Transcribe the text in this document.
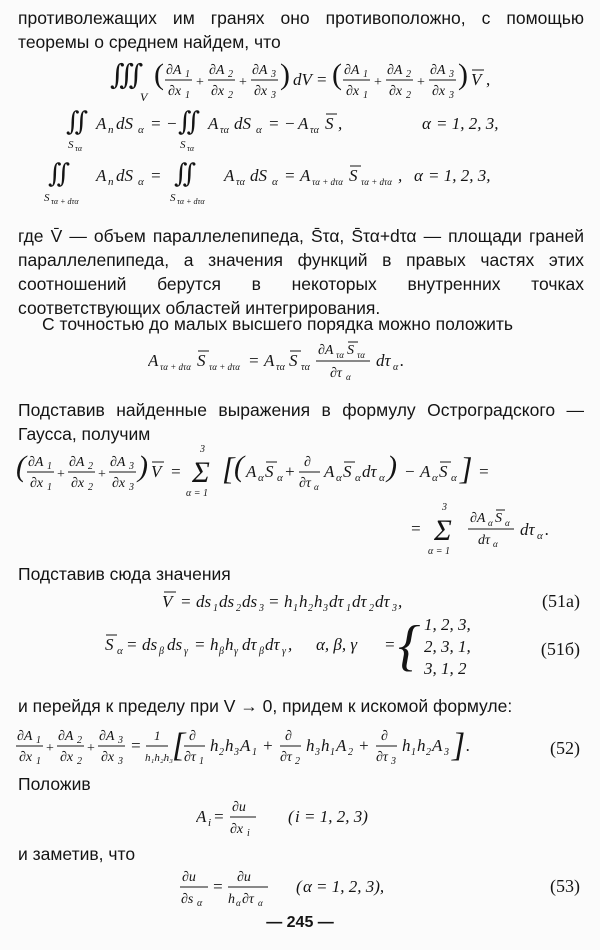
противолежащих им гранях оно противоположно, с помощью теоремы о среднем найдем, что
∭
V
( ∂A 1
∂x 1
+
∂A 2
∂x 2
+
∂A 3
∂x 3
) dV = ( ∂A 1
∂x 1
+
∂A 2
∂x 2
+
∂A 3
∂x 3
) V ,
∬
S τα
A n dS α = − ∬
S τα
A τα dS α = − A τα S ,	α = 1, 2, 3,
∬
S τα + dτα
A n dS α = ∬
S τα + dτα
A τα dS α = A τα + dτα S τα + dτα , α = 1, 2, 3,
где V̄ — объем параллелепипеда, S̄τα, S̄τα+dτα — площади граней параллелепипеда, а значения функций в правых частях этих соотношений берутся в некоторых внутренних точках соответствующих областей интегрирования.
С точностью до малых высшего порядка можно положить
A τα + dτα S τα + dτα = A τα S τα
∂A τα S τα
∂τ α
dτ α .
Подставив найденные выражения в формулу Остроградского — Гаусса, получим
( ∂A 1
∂x 1
+
∂A 2
∂x 2
+
∂A 3
∂x 3
) V =
3
Σ
α = 1
[ ( A α S α + ∂
∂τ α
A α S α dτ α ) − A α S α ] =
=
3
Σ
α = 1
∂A α S α
dτ α
dτ α .
Подставив сюда значения
V = ds 1 ds 2 ds 3 = h 1 h 2 h 3 dτ 1 dτ 2 dτ 3 ,	(51а)
S α = ds β ds γ = h β h γ dτ β dτ γ , α, β, γ = { 1, 2, 3,
2, 3, 1,
3, 1, 2
(51б)
и перейдя к пределу при V → 0, придем к искомой формуле:
∂A 1
∂x 1
+
∂A 2
∂x 2
+
∂A 3
∂x 3
=
1
h₁h₂h₃ [ ∂
∂τ 1
h 2 h 3 A 1 + ∂
∂τ 2
h 3 h 1 A 2 + ∂
∂τ 3
h 1 h 2 A 3 ] .	(52)
Положив
A i = ∂u
∂x i
( i = 1, 2, 3)
и заметив, что
∂u
∂s α
= ∂u
h α ∂τ α
( α = 1, 2, 3),	(53)
— 245 —
